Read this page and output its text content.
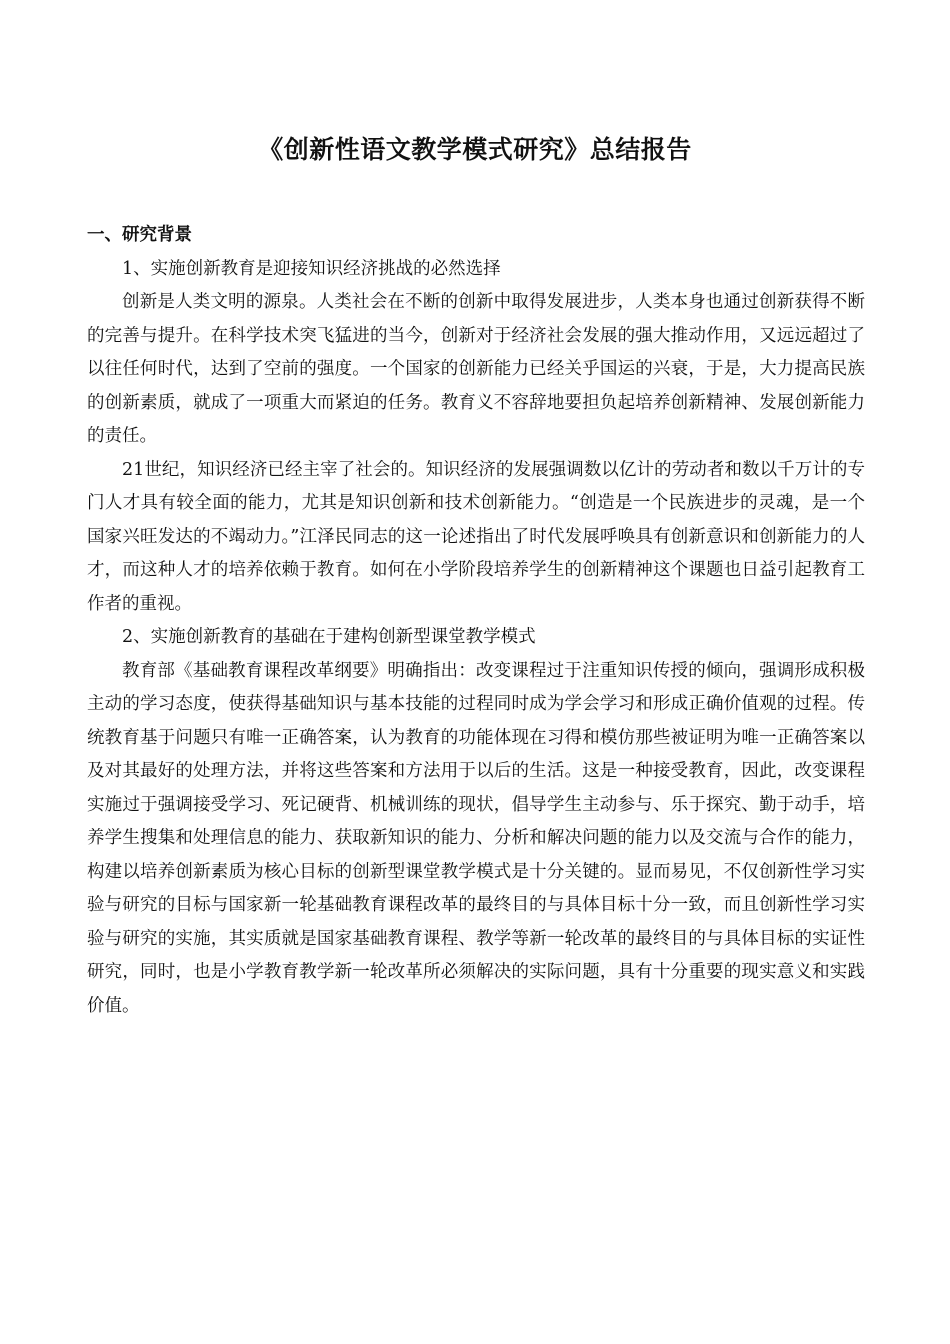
《创新性语文教学模式研究》总结报告

一、研究背景

1、实施创新教育是迎接知识经济挑战的必然选择

创新是人类文明的源泉。人类社会在不断的创新中取得发展进步，人类本身也通过创新获得不断的完善与提升。在科学技术突飞猛进的当今，创新对于经济社会发展的强大推动作用，又远远超过了以往任何时代，达到了空前的强度。一个国家的创新能力已经关乎国运的兴衰，于是，大力提高民族的创新素质，就成了一项重大而紧迫的任务。教育义不容辞地要担负起培养创新精神、发展创新能力的责任。

21世纪，知识经济已经主宰了社会的。知识经济的发展强调数以亿计的劳动者和数以千万计的专门人才具有较全面的能力，尤其是知识创新和技术创新能力。“创造是一个民族进步的灵魂，是一个国家兴旺发达的不竭动力。”江泽民同志的这一论述指出了时代发展呼唤具有创新意识和创新能力的人才，而这种人才的培养依赖于教育。如何在小学阶段培养学生的创新精神这个课题也日益引起教育工作者的重视。

2、实施创新教育的基础在于建构创新型课堂教学模式

教育部《基础教育课程改革纲要》明确指出：改变课程过于注重知识传授的倾向，强调形成积极主动的学习态度，使获得基础知识与基本技能的过程同时成为学会学习和形成正确价值观的过程。传统教育基于问题只有唯一正确答案，认为教育的功能体现在习得和模仿那些被证明为唯一正确答案以及对其最好的处理方法，并将这些答案和方法用于以后的生活。这是一种接受教育，因此，改变课程实施过于强调接受学习、死记硬背、机械训练的现状，倡导学生主动参与、乐于探究、勤于动手，培养学生搜集和处理信息的能力、获取新知识的能力、分析和解决问题的能力以及交流与合作的能力，构建以培养创新素质为核心目标的创新型课堂教学模式是十分关键的。显而易见，不仅创新性学习实验与研究的目标与国家新一轮基础教育课程改革的最终目的与具体目标十分一致，而且创新性学习实验与研究的实施，其实质就是国家基础教育课程、教学等新一轮改革的最终目的与具体目标的实证性研究，同时，也是小学教育教学新一轮改革所必须解决的实际问题，具有十分重要的现实意义和实践价值。
